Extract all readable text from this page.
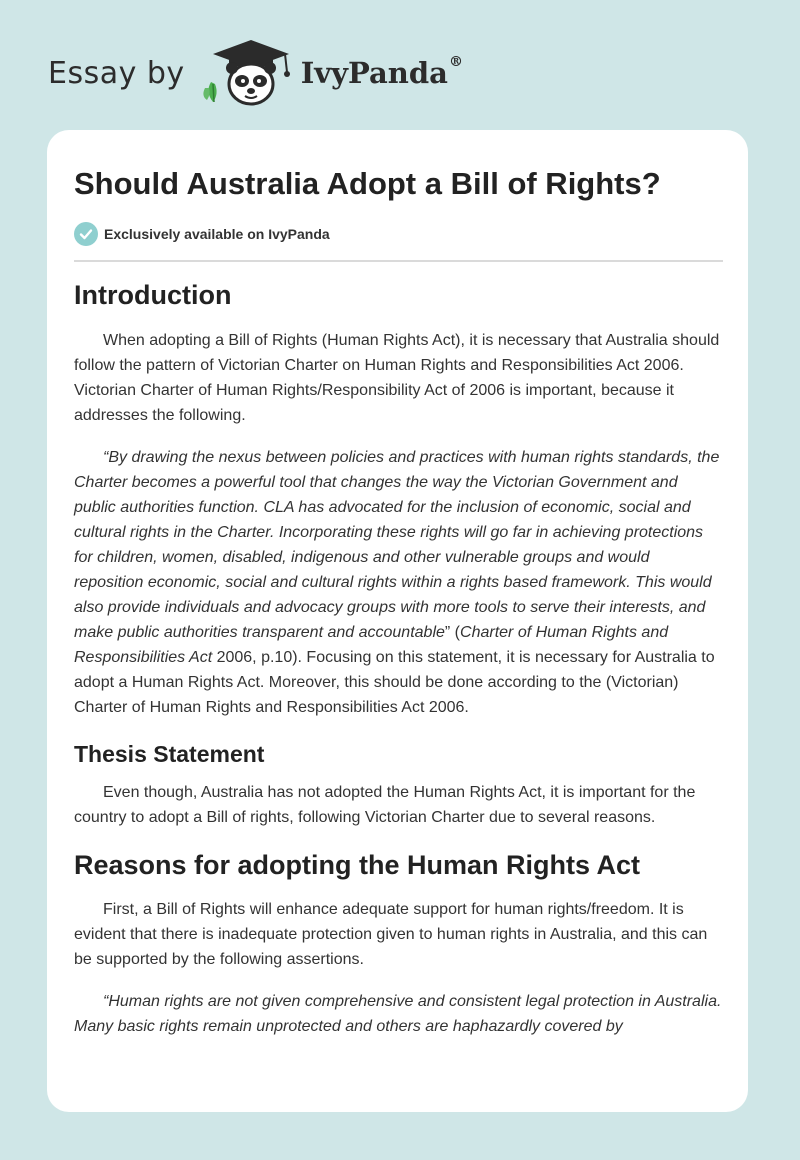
Essay by	IvyPanda®
Should Australia Adopt a Bill of Rights?
Exclusively available on IvyPanda
Introduction

When adopting a Bill of Rights (Human Rights Act), it is necessary that Australia should follow the pattern of Victorian Charter on Human Rights and Responsibilities Act 2006. Victorian Charter of Human Rights/Responsibility Act of 2006 is important, because it addresses the following.

“By drawing the nexus between policies and practices with human rights standards, the Charter becomes a powerful tool that changes the way the Victorian Government and public authorities function. CLA has advocated for the inclusion of economic, social and cultural rights in the Charter. Incorporating these rights will go far in achieving protections for children, women, disabled, indigenous and other vulnerable groups and would reposition economic, social and cultural rights within a rights based framework. This would also provide individuals and advocacy groups with more tools to serve their interests, and make public authorities transparent and accountable” (Charter of Human Rights and Responsibilities Act 2006, p.10). Focusing on this statement, it is necessary for Australia to adopt a Human Rights Act. Moreover, this should be done according to the (Victorian) Charter of Human Rights and Responsibilities Act 2006.

Thesis Statement

Even though, Australia has not adopted the Human Rights Act, it is important for the country to adopt a Bill of rights, following Victorian Charter due to several reasons.

Reasons for adopting the Human Rights Act

First, a Bill of Rights will enhance adequate support for human rights/freedom. It is evident that there is inadequate protection given to human rights in Australia, and this can be supported by the following assertions.

“Human rights are not given comprehensive and consistent legal protection in Australia. Many basic rights remain unprotected and others are haphazardly covered by
